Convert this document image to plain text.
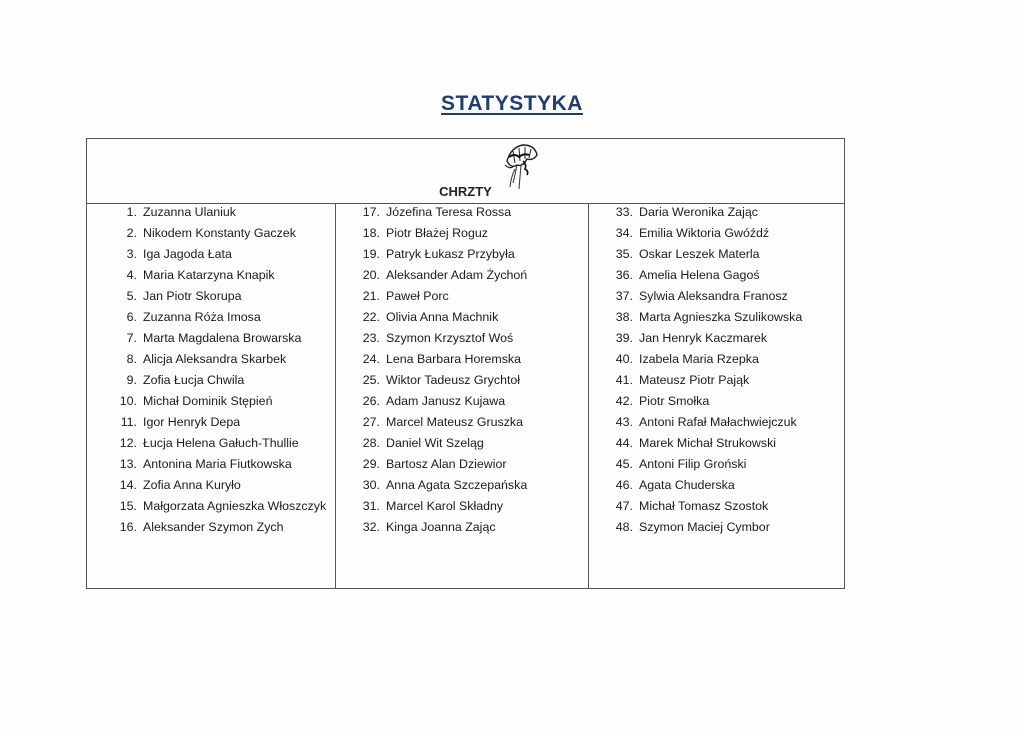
STATYSTYKA
CHRZTY
1. Zuzanna Ulaniuk
2. Nikodem Konstanty Gaczek
3. Iga Jagoda Łata
4. Maria Katarzyna Knapik
5. Jan Piotr Skorupa
6. Zuzanna Róża Imosa
7. Marta Magdalena Browarska
8. Alicja Aleksandra Skarbek
9. Zofia Łucja Chwila
10. Michał Dominik Stępień
11. Igor Henryk Depa
12. Łucja Helena Gałuch-Thullie
13. Antonina Maria Fiutkowska
14. Zofia Anna Kuryło
15. Małgorzata Agnieszka Włoszczyk
16. Aleksander Szymon Zych
17. Józefina Teresa Rossa
18. Piotr Błażej Roguz
19. Patryk Łukasz Przybyła
20. Aleksander Adam Żychoń
21. Paweł Porc
22. Olivia Anna Machnik
23. Szymon Krzysztof Woś
24. Lena Barbara Horemska
25. Wiktor Tadeusz Grychtoł
26. Adam Janusz Kujawa
27. Marcel Mateusz Gruszka
28. Daniel Wit Szeląg
29. Bartosz Alan Dziewior
30. Anna Agata Szczepańska
31. Marcel Karol Składny
32. Kinga Joanna Zając
33. Daria Weronika Zając
34. Emilia Wiktoria Gwóźdź
35. Oskar Leszek Materla
36. Amelia Helena Gagoś
37. Sylwia Aleksandra Franosz
38. Marta Agnieszka Szulikowska
39. Jan Henryk Kaczmarek
40. Izabela Maria Rzepka
41. Mateusz Piotr Pająk
42. Piotr Smołka
43. Antoni Rafał Małachwiejczuk
44. Marek Michał Strukowski
45. Antoni Filip Groński
46. Agata Chuderska
47. Michał Tomasz Szostok
48. Szymon Maciej Cymbor
